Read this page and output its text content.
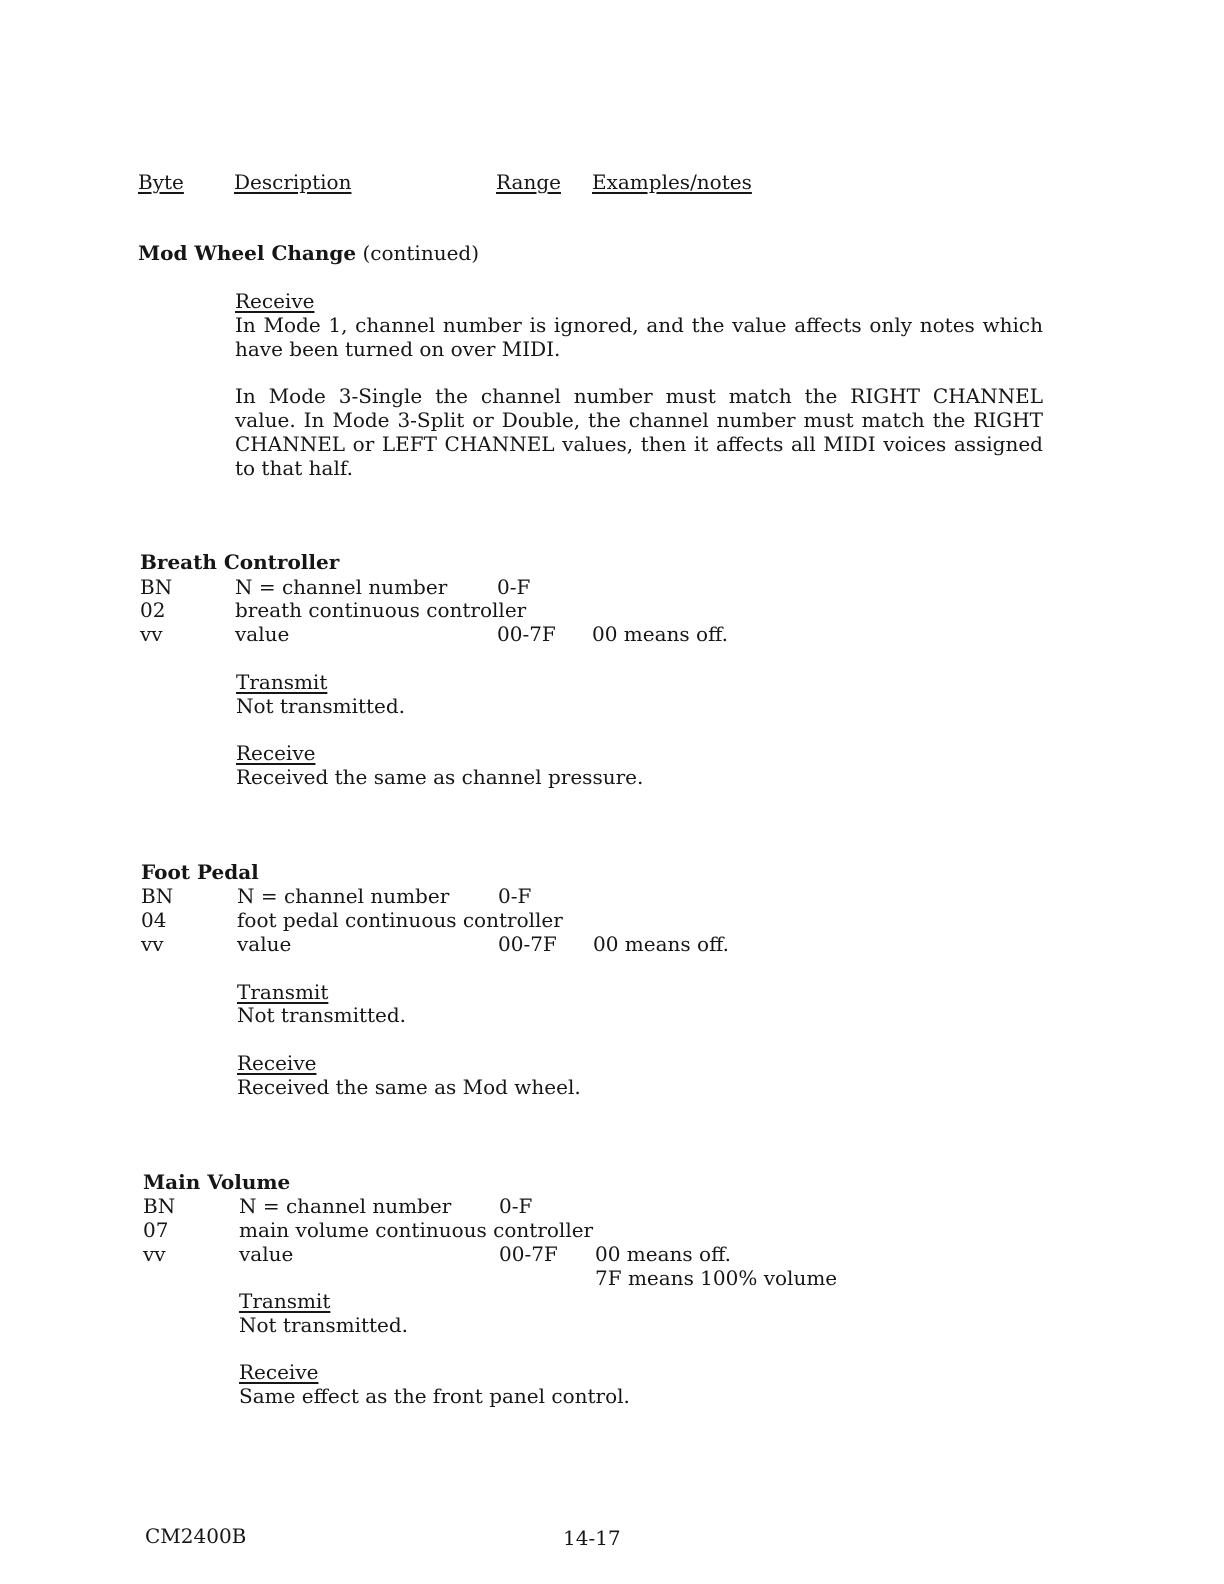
Byte	Description	Range Examples/notes
Mod Wheel Change (continued)
Receive
In Mode 1, channel number is ignored, and the value affects only notes which have been turned on over MIDI.
In Mode 3-Single the channel number must match the RIGHT CHANNEL value. In Mode 3-Split or Double, the channel number must match the RIGHT CHANNEL or LEFT CHANNEL values, then it affects all MIDI voices assigned to that half.
Breath Controller
BN	N = channel number 0-F
02	breath continuous controller
vv	value	00-7F 00 means off.
Transmit
Not transmitted.
Receive
Received the same as channel pressure.
Foot Pedal
BN	N = channel number 0-F
04	foot pedal continuous controller
vv	value	00-7F 00 means off.
Transmit
Not transmitted.
Receive
Received the same as Mod wheel.
Main Volume
BN	N = channel number 0-F
07	main volume continuous controller
vv	value	00-7F 00 means off.
7F means 100% volume
Transmit
Not transmitted.
Receive
Same effect as the front panel control.
CM2400B	14-17
